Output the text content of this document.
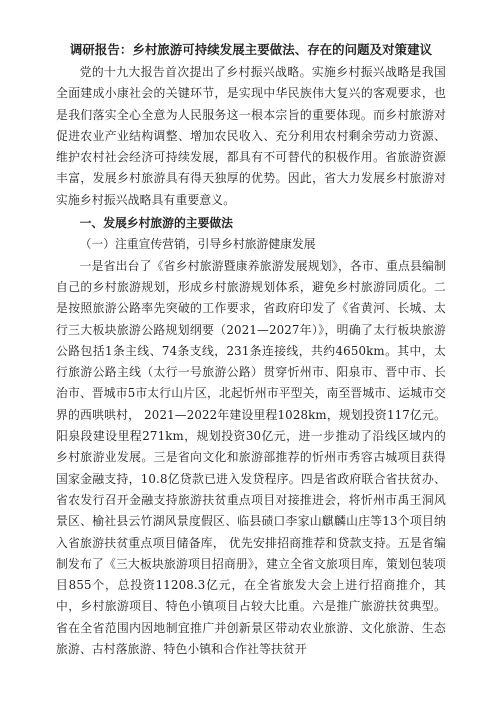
调研报告：乡村旅游可持续发展主要做法、存在的问题及对策建议

党的十九大报告首次提出了乡村振兴战略。实施乡村振兴战略是我国全面建成小康社会的关键环节，是实现中华民族伟大复兴的客观要求，也是我们落实全心全意为人民服务这一根本宗旨的重要体现。而乡村旅游对促进农业产业结构调整、增加农民收入、充分利用农村剩余劳动力资源、维护农村社会经济可持续发展，都具有不可替代的积极作用。省旅游资源丰富，发展乡村旅游具有得天独厚的优势。因此，省大力发展乡村旅游对实施乡村振兴战略具有重要意义。

一、发展乡村旅游的主要做法

（一）注重宣传营销，引导乡村旅游健康发展

一是省出台了《省乡村旅游暨康养旅游发展规划》，各市、重点县编制自己的乡村旅游规划，形成乡村旅游规划体系，避免乡村旅游同质化。二是按照旅游公路率先突破的工作要求，省政府印发了《省黄河、长城、太行三大板块旅游公路规划纲要（2021—2027年）》，明确了太行板块旅游公路包括1条主线、74条支线，231条连接线，共约4650km。其中，太行旅游公路主线（太行一号旅游公路）贯穿忻州市、阳泉市、晋中市、长治市、晋城市5市太行山片区，北起忻州市平型关，南至晋城市、运城市交界的西哄哄村， 2021—2022年建设里程1028km，规划投资117亿元。阳泉段建设里程271km，规划投资30亿元，进一步推动了沿线区域内的乡村旅游业发展。三是省向文化和旅游部推荐的忻州市秀容古城项目获得国家金融支持，10.8亿贷款已进入发贷程序。四是省政府联合省扶贫办、省农发行召开金融支持旅游扶贫重点项目对接推进会，将忻州市禹王洞风景区、榆社县云竹湖风景度假区、临县碛口李家山麒麟山庄等13个项目纳入省旅游扶贫重点项目储备库， 优先安排招商推荐和贷款支持。五是省编制发布了《三大板块旅游项目招商册》，建立全省文旅项目库，策划包装项目855个，总投资11208.3亿元，在全省旅发大会上进行招商推介，其中，乡村旅游项目、特色小镇项目占较大比重。六是推广旅游扶贫典型。省在全省范围内因地制宜推广并创新景区带动农业旅游、文化旅游、生态旅游、古村落旅游、特色小镇和合作社等扶贫开
